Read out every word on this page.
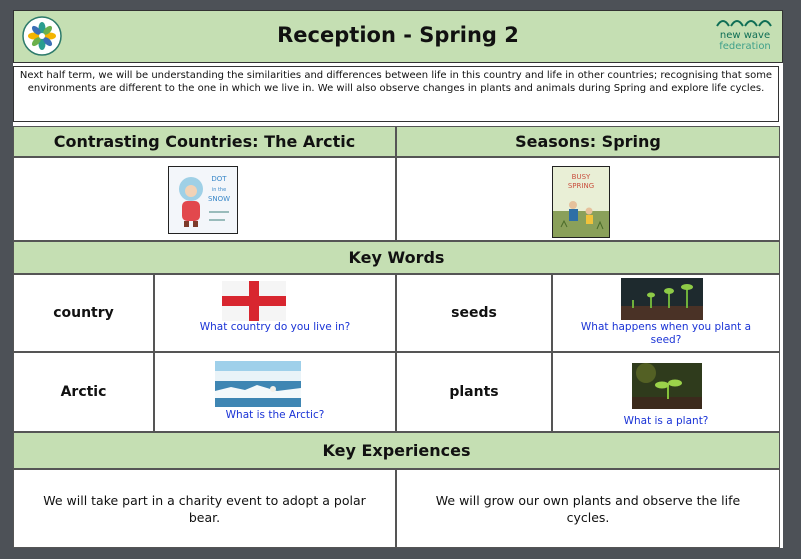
Reception - Spring 2	new wave
federation
Next half term, we will be understanding the similarities and differences between life in this country and life in other countries; recognising that some environments are different to the one in which we live in. We will also observe changes in plants and animals during Spring and explore life cycles.
Contrasting Countries: The Arctic	Seasons: Spring
DOT
in the
SNOW
BUSY
SPRING
Key Words
country
What country do you live in?
seeds
What happens when you plant a seed?
Arctic
What is the Arctic?
plants
What is a plant?
Key Experiences
We will take part in a charity event to adopt a polar bear.
We will grow our own plants and observe the life cycles.
